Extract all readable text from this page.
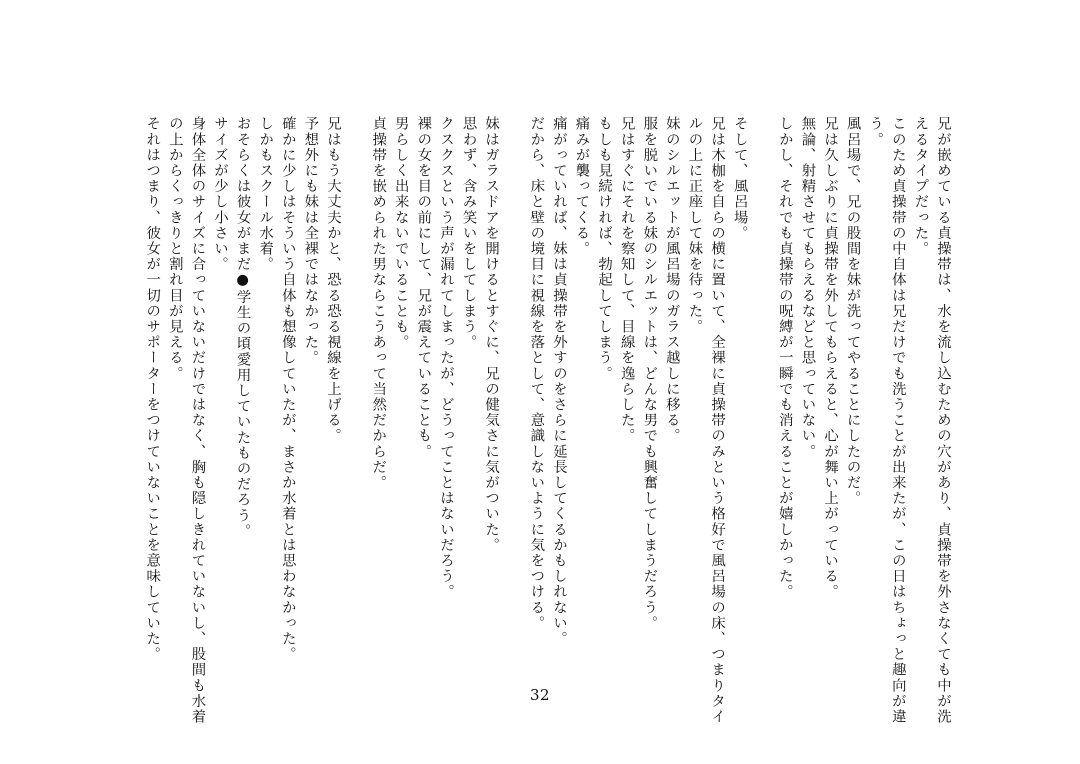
兄が嵌めている貞操帯は、水を流し込むための穴があり、貞操帯を外さなくても中が洗
えるタイプだった。
このため貞操帯の中自体は兄だけでも洗うことが出来たが、この日はちょっと趣向が違
う。
風呂場で、兄の股間を妹が洗ってやることにしたのだ。
兄は久しぶりに貞操帯を外してもらえると、心が舞い上がっている。
無論、射精させてもらえるなどと思っていない。
しかし、それでも貞操帯の呪縛が一瞬でも消えることが嬉しかった。
そして、風呂場。
兄は木枷を自らの横に置いて、全裸に貞操帯のみという格好で風呂場の床、つまりタイ
ルの上に正座して妹を待った。
妹のシルエットが風呂場のガラス越しに移る。
服を脱いでいる妹のシルエットは、どんな男でも興奮してしまうだろう。
兄はすぐにそれを察知して、目線を逸らした。
もしも見続ければ、勃起してしまう。
痛みが襲ってくる。
痛がっていれば、妹は貞操帯を外すのをさらに延長してくるかもしれない。
だから、床と壁の境目に視線を落として、意識しないように気をつける。
妹はガラスドアを開けるとすぐに、兄の健気さに気がついた。
思わず、含み笑いをしてしまう。
クスクスという声が漏れてしまったが、どうってことはないだろう。
裸の女を目の前にして、兄が震えていることも。
男らしく出来ないでいることも。
貞操帯を嵌められた男ならこうあって当然だからだ。
兄はもう大丈夫かと、恐る恐る視線を上げる。
予想外にも妹は全裸ではなかった。
確かに少しはそういう自体も想像していたが、まさか水着とは思わなかった。
しかもスクール水着。
おそらくは彼女がまだ●学生の頃愛用していたものだろう。
サイズが少し小さい。
身体全体のサイズに合っていないだけではなく、胸も隠しきれていないし、股間も水着
の上からくっきりと割れ目が見える。
それはつまり、彼女が一切のサポーターをつけていないことを意味していた。
32
